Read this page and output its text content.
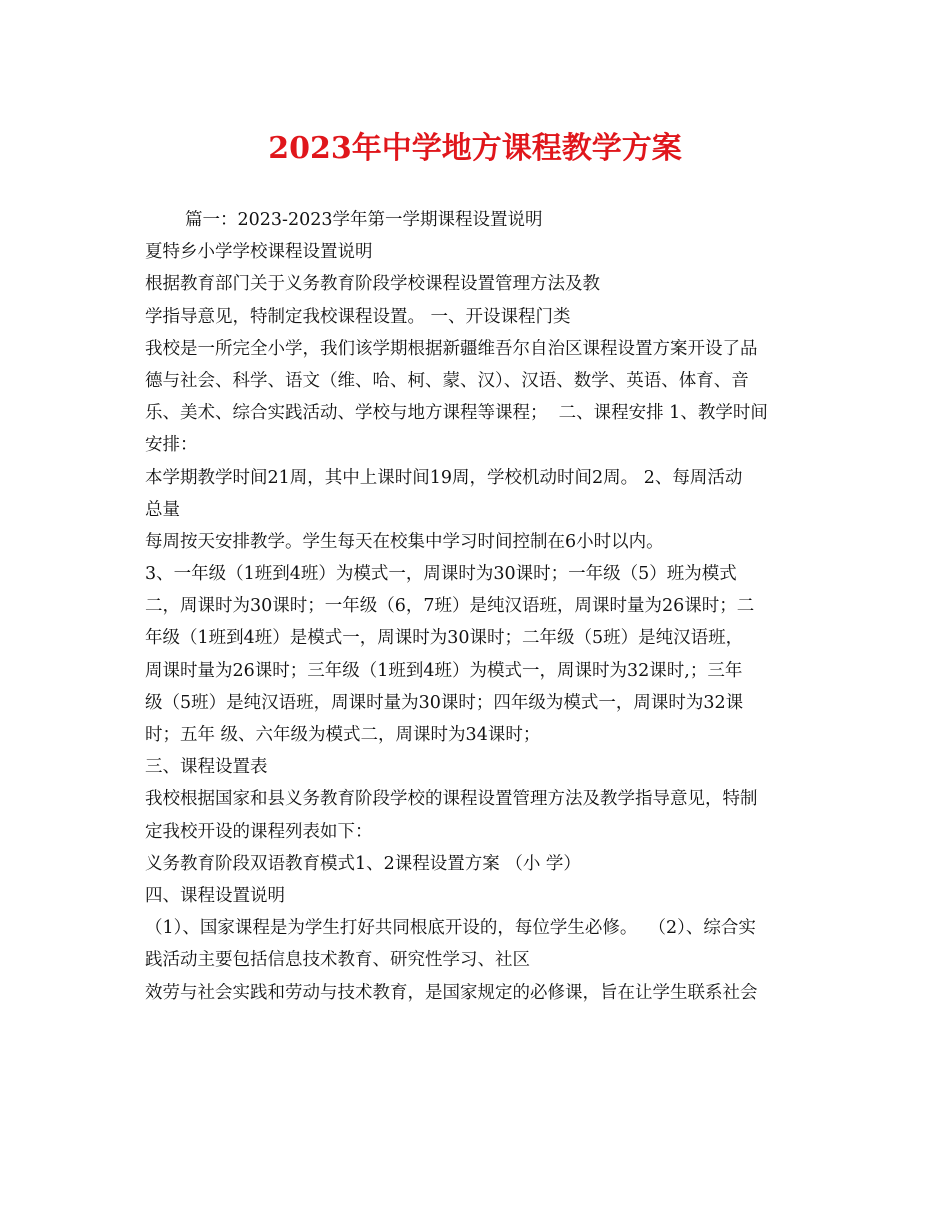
2023年中学地方课程教学方案
篇一：2023-2023学年第一学期课程设置说明
夏特乡小学学校课程设置说明
根据教育部门关于义务教育阶段学校课程设置管理方法及教
学指导意见，特制定我校课程设置。 一、开设课程门类
我校是一所完全小学，我们该学期根据新疆维吾尔自治区课程设置方案开设了品
德与社会、科学、语文（维、哈、柯、蒙、汉）、汉语、数学、英语、体育、音
乐、美术、综合实践活动、学校与地方课程等课程；  二、课程安排 1、教学时间
安排：
本学期教学时间21周，其中上课时间19周，学校机动时间2周。 2、每周活动
总量
每周按天安排教学。学生每天在校集中学习时间控制在6小时以内。
3、一年级（1班到4班）为模式一，周课时为30课时；一年级（5）班为模式
二，周课时为30课时；一年级（6，7班）是纯汉语班，周课时量为26课时；二
年级（1班到4班）是模式一，周课时为30课时；二年级（5班）是纯汉语班，
周课时量为26课时；三年级（1班到4班）为模式一，周课时为32课时,；三年
级（5班）是纯汉语班，周课时量为30课时；四年级为模式一，周课时为32课
时；五年 级、六年级为模式二，周课时为34课时；
三、课程设置表
我校根据国家和县义务教育阶段学校的课程设置管理方法及教学指导意见，特制
定我校开设的课程列表如下：
义务教育阶段双语教育模式1、2课程设置方案 （小 学）
四、课程设置说明
（1）、国家课程是为学生打好共同根底开设的，每位学生必修。  （2）、综合实
践活动主要包括信息技术教育、研究性学习、社区
效劳与社会实践和劳动与技术教育，是国家规定的必修课，旨在让学生联系社会
